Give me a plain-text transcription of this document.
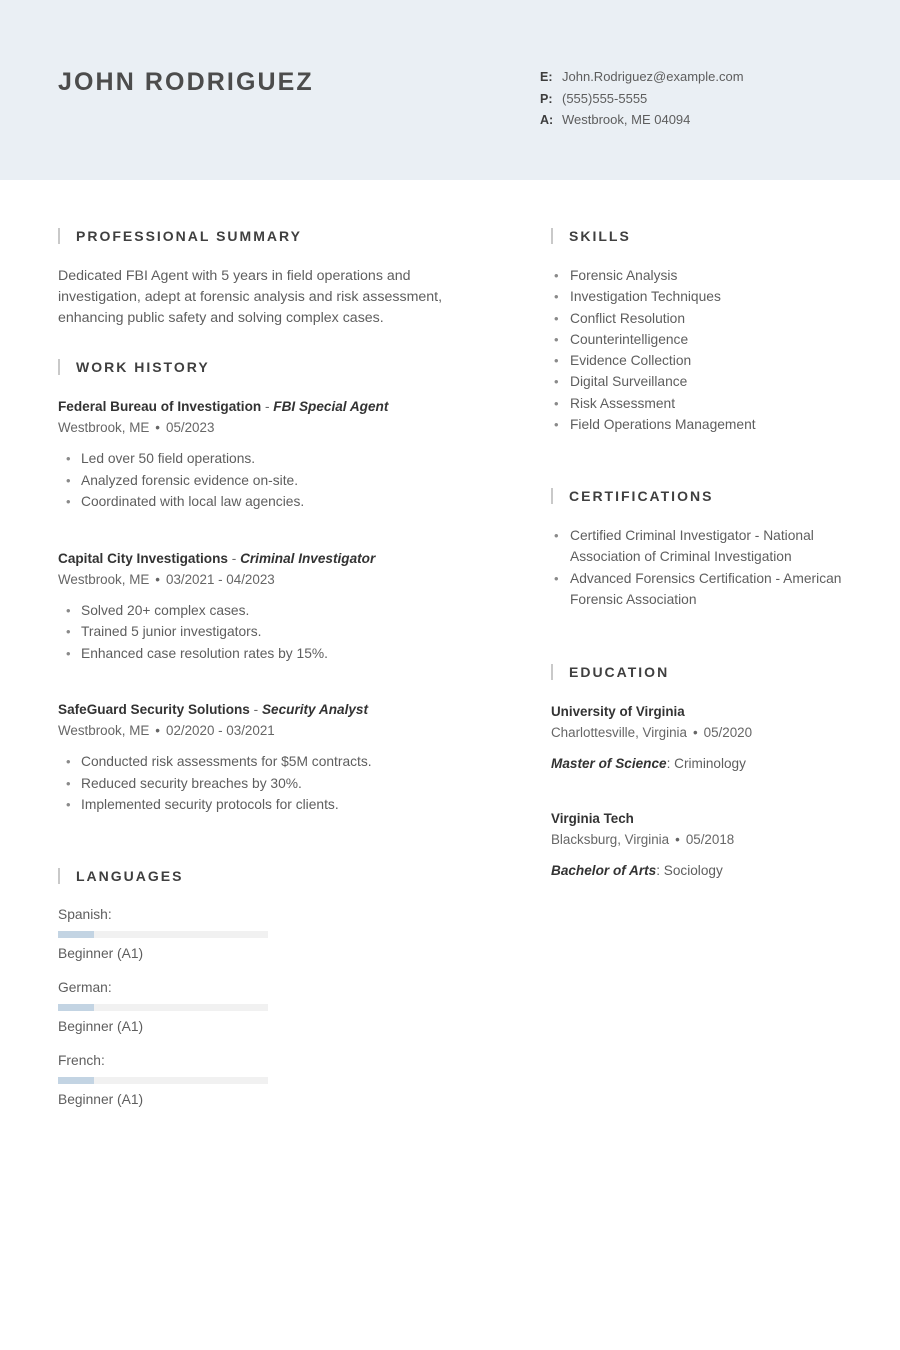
JOHN RODRIGUEZ	E: John.Rodriguez@example.com
P: (555)555-5555
A: Westbrook, ME 04094
PROFESSIONAL SUMMARY
Dedicated FBI Agent with 5 years in field operations and investigation, adept at forensic analysis and risk assessment, enhancing public safety and solving complex cases.
WORK HISTORY
Federal Bureau of Investigation - FBI Special Agent
Westbrook, ME • 05/2023
• Led over 50 field operations.
• Analyzed forensic evidence on-site.
• Coordinated with local law agencies.
Capital City Investigations - Criminal Investigator
Westbrook, ME • 03/2021 - 04/2023
• Solved 20+ complex cases.
• Trained 5 junior investigators.
• Enhanced case resolution rates by 15%.
SafeGuard Security Solutions - Security Analyst
Westbrook, ME • 02/2020 - 03/2021
• Conducted risk assessments for $5M contracts.
• Reduced security breaches by 30%.
• Implemented security protocols for clients.
LANGUAGES
Spanish:
Beginner (A1)
German:
Beginner (A1)
French:
Beginner (A1)
SKILLS
• Forensic Analysis
• Investigation Techniques
• Conflict Resolution
• Counterintelligence
• Evidence Collection
• Digital Surveillance
• Risk Assessment
• Field Operations Management
CERTIFICATIONS
• Certified Criminal Investigator - National Association of Criminal Investigation
• Advanced Forensics Certification - American Forensic Association
EDUCATION
University of Virginia
Charlottesville, Virginia • 05/2020
Master of Science: Criminology
Virginia Tech
Blacksburg, Virginia • 05/2018
Bachelor of Arts: Sociology
